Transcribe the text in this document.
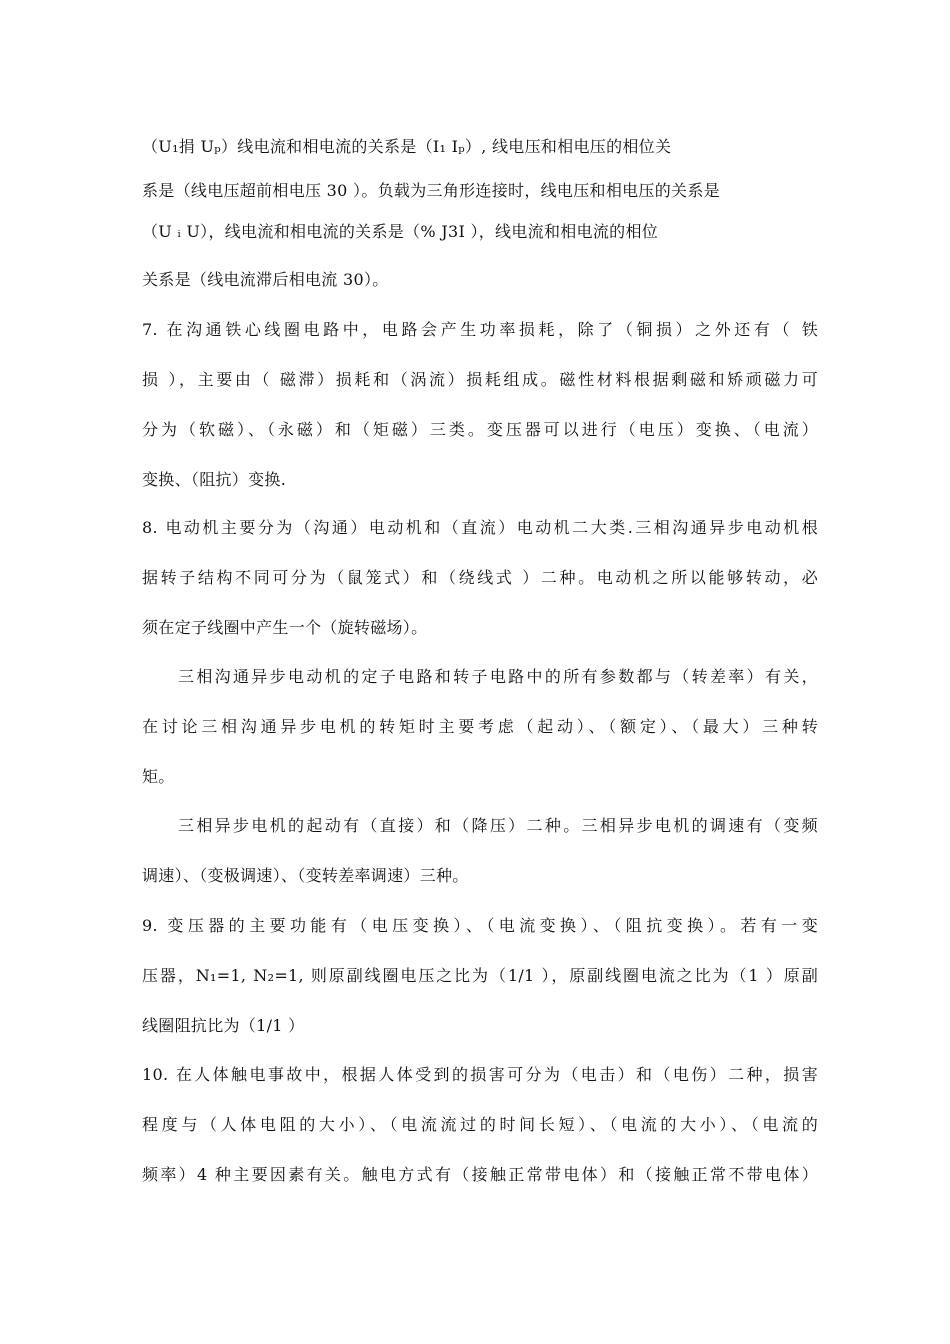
（U₁捐 Uₚ）线电流和相电流的关系是（I₁ Iₚ）, 线电压和相电压的相位关
系是（线电压超前相电压 30 ）。负载为三角形连接时，线电压和相电压的关系是
（U ᵢ U），线电流和相电流的关系是（% J3I ），线电流和相电流的相位
关系是（线电流滞后相电流 30）。
7. 在沟通铁心线圈电路中，电路会产生功率损耗，除了（铜损）之外还有（ 铁
损 ），主要由（ 磁滞）损耗和（涡流）损耗组成。磁性材料根据剩磁和矫顽磁力可
分为（软磁）、（永磁）和（矩磁）三类。变压器可以进行（电压）变换、（电流）
变换、（阻抗）变换.
8. 电动机主要分为（沟通）电动机和（直流）电动机二大类.三相沟通异步电动机根
据转子结构不同可分为（鼠笼式）和（绕线式 ）二种。电动机之所以能够转动，必
须在定子线圈中产生一个（旋转磁场）。
三相沟通异步电动机的定子电路和转子电路中的所有参数都与（转差率）有关，
在讨论三相沟通异步电机的转矩时主要考虑（起动）、（额定）、（最大）三种转
矩。
三相异步电机的起动有（直接）和（降压）二种。三相异步电机的调速有（变频
调速）、（变极调速）、（变转差率调速）三种。
9. 变压器的主要功能有（电压变换）、（电流变换）、（阻抗变换）。若有一变
压器，N₁=1, N₂=1, 则原副线圈电压之比为（1/1 ），原副线圈电流之比为（1 ）原副
线圈阻抗比为（1/1 ）
10. 在人体触电事故中，根据人体受到的损害可分为（电击）和（电伤）二种，损害
程度与（人体电阻的大小）、（电流流过的时间长短）、（电流的大小）、（电流的
频率）4 种主要因素有关。触电方式有（接触正常带电体）和（接触正常不带电体）
